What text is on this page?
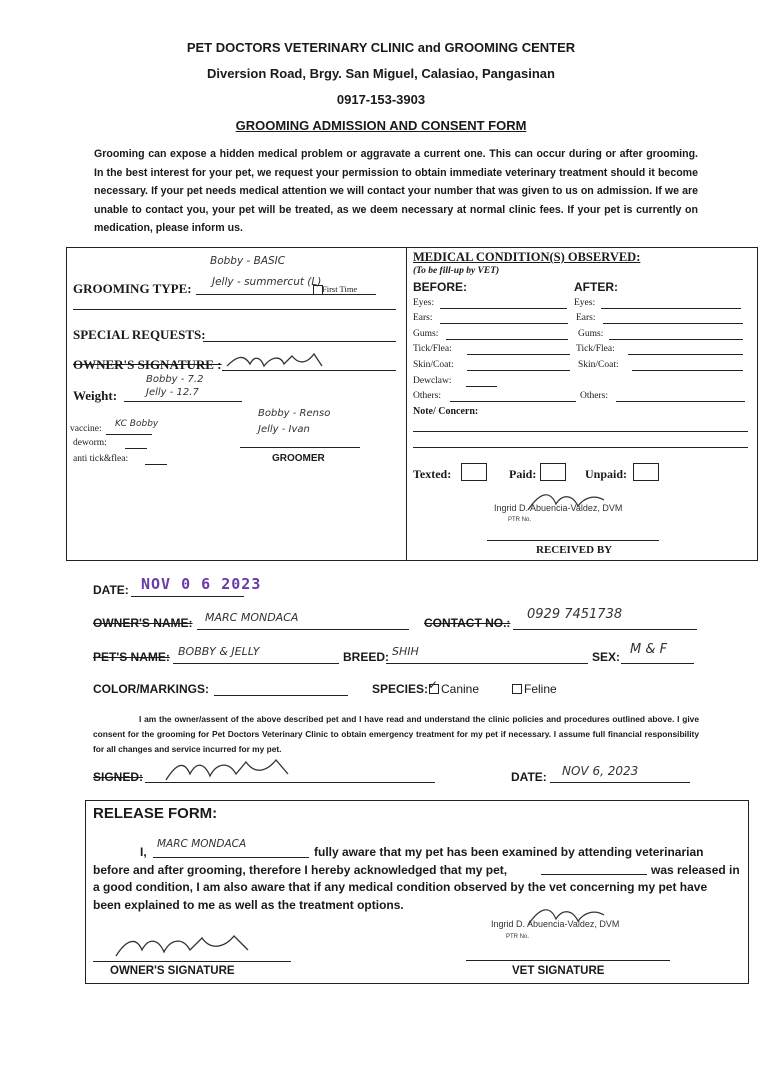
PET DOCTORS VETERINARY CLINIC and GROOMING CENTER
Diversion Road, Brgy. San Miguel, Calasiao, Pangasinan
0917-153-3903
GROOMING ADMISSION AND CONSENT FORM
Grooming can expose a hidden medical problem or aggravate a current one. This can occur during or after grooming. In the best interest for your pet, we request your permission to obtain immediate veterinary treatment should it become necessary. If your pet needs medical attention we will contact your number that was given to us on admission. If we are unable to contact you, your pet will be treated, as we deem necessary at normal clinic fees. If your pet is currently on medication, please inform us.
Bobby - BASIC
GROOMING TYPE: Jelly - summercut (L)
First Time
SPECIAL REQUESTS:
OWNER'S SIGNATURE :
Bobby - 7.2
Weight:	Jelly - 12.7
vaccine: KC Bobby
deworm:
anti tick&flea:
Bobby - Renso
Jelly - Ivan
GROOMER
MEDICAL CONDITION(S) OBSERVED:
(To be fill-up by VET)
BEFORE:	AFTER:
Eyes:	Eyes:
Ears:	Ears:
Gums:	Gums:
Tick/Flea:	Tick/Flea:
Skin/Coat:	Skin/Coat:
Dewclaw:
Others:	Others:
Note/ Concern:
Texted:	Paid:	Unpaid:
Ingrid D. Abuencia-Valdez, DVM
PTR No.
RECEIVED BY
DATE: NOV 0 6 2023
OWNER'S NAME: MARC MONDACA	CONTACT NO.:
0929 7451738
PET'S NAME: BOBBY & JELLY	BREED: SHIH	SEX: M & F
COLOR/MARKINGS:	SPECIES: ✓ Canine	Feline
I am the owner/assent of the above described pet and I have read and understand the clinic policies and procedures outlined above. I give consent for the grooming for Pet Doctors Veterinary Clinic to obtain emergency treatment for my pet if necessary. I assume full financial responsibility for all changes and service incurred for my pet.
SIGNED:	DATE: NOV 6, 2023
RELEASE FORM:
I,
MARC MONDACA
fully aware that my pet has been examined by attending veterinarian
before and after grooming, therefore I hereby acknowledged that my pet,	was released in
a good condition, I am also aware that if any medical condition observed by the vet concerning my pet have
been explained to me as well as the treatment options.
OWNER'S SIGNATURE
Ingrid D. Abuencia-Valdez, DVM
PTR No.
VET SIGNATURE
